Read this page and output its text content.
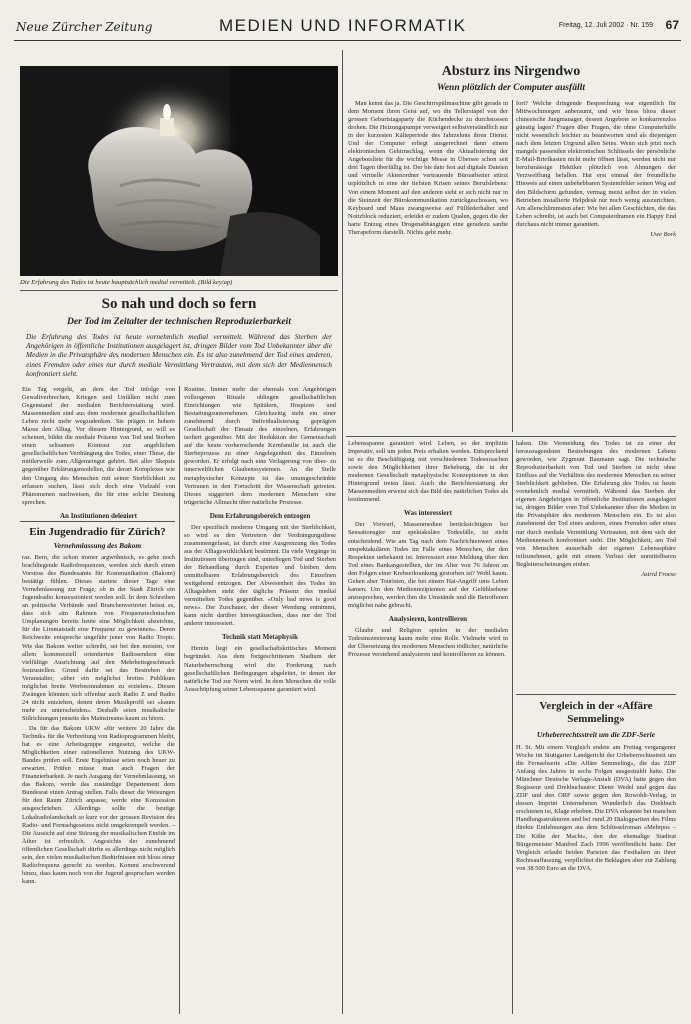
Neue Zürcher Zeitung	MEDIEN UND INFORMATIK	Freitag, 12. Juli 2002 · Nr. 159 67
Die Erfahrung des Todes ist heute hauptsächlich medial vermittelt. (Bild key/ap)
So nah und doch so fern
Der Tod im Zeitalter der technischen Reproduzierbarkeit
Die Erfahrung des Todes ist heute vornehmlich medial vermittelt. Während das Sterben der Angehörigen in öffentliche Institutionen ausgelagert ist, dringen Bilder vom Tod Unbekannter über die Medien in die Privatsphäre des modernen Menschen ein. Es ist also zunehmend der Tod eines anderen, eines Fremden oder eines nur durch mediale Vermittlung Vertrauten, mit dem sich der Mediennensch konfrontiert sieht.

Ein Tag vergeht, an dem der Tod infolge von Gewaltverbrechen, Kriegen und Unfällen nicht zum Gegenstand der medialen Berichterstattung wird. Massenmedien sind aus dem modernen gesellschaftlichen Leben nicht mehr wegzudenken. Sie prägen in hohem Masse den Alltag. Vor diesem Hintergrund, so will es scheinen, bildet die mediale Präsenz von Tod und Sterben einen seltsamen Kontrast zur angeblichen gesellschaftlichen Verdrängung des Todes, einer These, die mittlerweile zum Allgemeingut gehört. Bei aller Skepsis gegenüber Erklärungsmodellen, die derart Komplexes wie den Umgang des Menschen mit seiner Sterblichkeit zu erfassen suchen, lässt sich doch eine Vielzahl von Phänomenen nachweisen, die für eine solche Deutung sprechen.

An Institutionen delegiert

Ein Jugendradio für Zürich?
Vernehmlassung des Bakom

raz. Bern, die schon immer argwöhnisch, es gebe noch brachliegende Radiofrequenzen, werden sich durch einen Vorstoss des Bundesamts für Kommunikation (Bakom) bestätigt fühlen. Dieses startete dieser Tage eine Vernehmlassung zur Frage, ob in der Stadt Zürich ein Jugendradio konzessioniert werden soll. In dem Schreiben an politische Verbände und Branchenvertreter heisst es, dass sich «im Rahmen von Frequenztechnischen Umplanungen bereits heute eine Möglichkeit abzeichne, für die Limmatstadt eine Frequenz zu gewinnen». Deren Reichweite entspreche ungefähr jener von Radio Tropic. Wie das Bakom weiter schreibt, sei bei den meisten, vor allem kommerziell orientierten Radiosendern eine vielfältige Ausrichtung auf den Mehrheitsgeschmack festzustellen. Grund dafür sei das Bestreben der Veranstalter, «über ein möglichst breites Publikum möglichst breite Werbeeinnahmen zu erzielen». Diesen Zwängen könnten sich offenbar auch Radio Z und Radio 24 nicht entziehen, denen deren Musikprofil sei «kaum mehr zu unterscheiden». Deshalb seien musikalische Stilrichtungen jenseits des Mainstreams kaum zu hören.

Da für das Bakom UKW «für weitere 20 Jahre die Technik» für die Verbreitung von Radioprogrammen bleibt, hat es eine Arbeitsgruppe eingesetzt, welche die Möglichkeiten einer rationelleren Nutzung des UKW-Bandes prüfen soll. Erste Ergebnisse seien noch heuer zu erwarten. Prüfen müsse man auch Fragen der Finanzierbarkeit. Je nach Ausgang der Vernehmlassung, so das Bakom, werde das zuständige Departement dem Bundesrat einen Antrag stellen. Falls dieser die Weisungen für den Raum Zürich anpasse, werde eine Konzession ausgeschrieben. Allerdings sollte die heutige Lokalradiolandschaft so kurz vor der grossen Revision des Radio- und Fernsehgesetzes nicht umgekrempelt werden. – Die Aussicht auf eine Störung der musikalischen Einöde im Äther ist erfreulich. Angesichts der zunehmend öffentlichen Gesellschaft dürfte es allerdings nicht möglich sein, den vielen musikalischen Bedürfnissen mit bloss einer Radiofrequenz gerecht zu werden. Kommt erschwerend hinzu, dass kaum noch von der Jugend gesprochen werden kann.

Routine. Immer mehr der ehemals von Angehörigen vollzogenen Rituale obliegen gesellschaftlichen Einrichtungen wie Spitälern, Hospizen und Bestattungsunternehmen. Gleichzeitig steht ein einer zunehmend durch Individualisierung geprägten Gesellschaft der Einsatz des einzelnen, Erfahrungen isoliert gegenüber. Mit der Reduktion der Gemeinschaft auf die heute vorherrschende Kernfamilie ist auch die Sterbeprozess zu einer Angelegenheit des Einzelnen geworden. Er erfolgt nach eine Verlagerung von über- zu innerweltlichen Glaubenssystemen. An die Stelle metaphysischer Konzepte ist das unumgeschränkte Vertrauen in den Fortschritt der Wissenschaft getreten. Dieses suggeriert dem modernen Menschen eine trügerische Allmacht über natürliche Prozesse.

Dem Erfahrungsbereich entzogen

Der spezifisch moderne Umgang mit der Sterblichkeit, so wird es den Vertretern der Verdrängungsthese zusammengefasst, ist durch eine Ausgrenzung des Todes aus der Alltagswirklichkeit bestimmt. Da viele Vorgänge in Institutionen übertragen sind, unterliegen Tod und Sterben der Behandlung durch Experten und bleiben dem unmittelbaren Erfahrungsbereich des Einzelnen weitgehend entzogen. Der Abwesenheit des Todes im Alltagsleben steht der tägliche Präsenz des medial vermittelten Todes gegenüber. «Only bad news is good news». Der Zuschauer, der dieser Wendung entnimmt, kann nicht darüber hinwegtäuschen, dass nur der Tod anderer interessiert.

Technik statt Metaphysik

Herein liegt ein gesellschaftskritisches Moment begründet. Aus dem fortgeschrittenen Stadium der Naturbeherrschung wird die Forderung nach gesellschaftlichen Bedingungen abgeleitet, in denen der natürliche Tod zur Norm wird. In dem Menschen die volle Ausschöpfung seiner Lebensspanne garantiert wird.

Absturz ins Nirgendwo
Wenn plötzlich der Computer ausfällt

Man kennt das ja. Die Geschirrspülmaschine gibt gerade in dem Moment ihren Geist auf, wo die Tellerstapel von der grossen Geburtstagsparty die Küchendecke zu durchstossen drohen. Die Heizungspumpe verweigert selbstverständlich nur in der kurzesten Kälteperiode des Jahrzehnts ihren Dienst. Und der Computer erliegt ausgerechnet dann einem elektronischen Gehirnschlag, wenn die Aktualisierung der Angebotsliste für die wichtige Messe in Übersee schon seit drei Tagen überfällig ist. Der bis dato fest auf digitale Dateien und virtuelle Aktenordner vertrauende Büroarbeiter stürzt urplötzlich in eine der tiefsten Krisen seines Berufslebens: Von einem Moment auf den anderen sieht er sich nicht nur in die Steinzeit der Bürokommunikation zurückgeschossen, wo Keyboard und Maus zwangsweise auf Füllfederhalter und Notizblock reduziert, erleidet er zudem Qualen, gegen die der harte Entzug eines Drogenabhängigen eine geradezu sanfte Therapeform darstellt. Nichts geht mehr.

fort? Welche dringende Besprechung war eigentlich für Mittwochmorgen anberaumt, und wie hiess bloss dieser chinesische Jungmanager, dessen Angebote so konkurrenzlos günstig lagen? Fragen über Fragen, die ohne Computerhilfe nicht wesentlich leichter zu beantworten sind als diejenigen nach dem letzten Urgrund allen Seins. Wenn sich jetzt noch mangels passenden elektronischen Schlüssels der persönliche E-Mail-Briefkasten nicht mehr öffnen lässt, werden nicht nur berufsmässige Hektiker plötzlich von Ahnungen der Verzweiflung befallen. Hat erst einmal der freundliche Hinweis auf einen unbehebbaren Systemfehler seinen Weg auf den Bildschirm gefunden, vermag meist selbst der in vielen Betrieben installierte Helpdesk nur noch wenig auszurichten. Am allerschlimmsten aber: Wie bei allen Geschichten, die das Leben schreibt, ist auch bei Computerdramen ein Happy End durchaus nicht immer garantiert.

Uwe Bork

Lebensspanne garantiert wird. Leben, so der implizite Imperativ, soll um jeden Preis erhalten werden. Entsprechend ist es die Beschäftigung mit verschiedenen Todesursachen sowie den Möglichkeiten ihrer Behebung, die in der modernen Gesellschaft metaphysische Konzeptionen in den Hintergrund treten lässt. Auch die Berichterstattung der Massenmedien erweist sich das Bild des natürlichen Todes als bestimmend.

Was interessiert

Der Vorwurf, Massenmedien berücksichtigten bei Sensationsgier nur spektakuläre Todesfälle, ist nicht entscheidend. Wie am Tag nach dem Nachrichtenwert eines unspektakulären Todes im Falle eines Menschen, der den Respekten unbekannt ist. Interessiert eine Meldung über den Tod eines Bankangestellten, der im Alter von 76 Jahren an den Folgen einer Krebserkrankung gestorben ist? Wohl kaum. Gehen aber Touristen, die bei einem Hai-Angriff ums Leben kamen. Um den Medienrezipienten auf der Gefühlsebene anzusprechen, werden ihm die Umstände und die Betroffenen möglichst nahe gebracht.

Analysieren, kontrollieren

Glaube und Religion spielen in der medialen Todesinszenierung kaum mehr eine Rolle. Vielmehr wird in der Übersetzung des modernen Menschen tödlicher, natürliche Prozesse verstehend analysieren und kontrollieren zu können.

haben. Die Vermeidung des Todes ist zu einer der herausragendsten Bestrebungen des modernen Lebens geworden, wie Zygmunt Baumann sagt. Die technische Reproduzierbarkeit von Tod und Sterben ist nicht ohne Einfluss auf die Verhältnis des modernen Menschen zu seiner Sterblichkeit geblieben. Die Erfahrung des Todes ist heute vornehmlich medial vermittelt. Während das Sterben der eigenen Angehörigen in öffentliche Institutionen ausgelagert ist, dringen Bilder vom Tod Unbekannter über die Medien in die Privatsphäre des modernen Menschen ein. Es ist also zunehmend der Tod eines anderen, eines Fremden oder eines nur durch mediale Vermittlung Vertrauten, mit dem sich der Mediennensch konfrontiert sieht. Die Möglichkeit, am Tod von Menschen ausserhalb der eigenen Lebenssphäre teilzunehmen, geht mit einem Verlust der unmittelbaren Begleiterscheinungen einher.

Astrid Froese

Vergleich in der «Affäre Semmeling»
Urheberrechtsstreit um die ZDF-Serie

H. St. Mit einem Vergleich endete am Freitag vergangener Woche im Stuttgarter Landgericht der Urheberrechtsstreit um die Fernsehserie «Die Affäre Semmeling», die das ZDF Anfang des Jahres in sechs Folgen ausgestrahlt hatte. Die Münchner Deutsche Verlags-Anstalt (DVA) hatte gegen den Regisseur und Drehbuchautor Dieter Wedel und gegen das ZDF und den ORF sowie gegen den Rowohlt-Verlag, in dessen Imprint Unternehmen Wunderlich das Drehbuch erschienen ist, Klage erhoben. Die DVA erkannte bei manchen Handlungsstrukturen und bei rund 20 Dialogpartien des Films direkte Entlehnungen aus dem Schlüsselroman «Mehrpos – Die Kälte der Macht», den der ehemalige Stadtrat Bürgermeister Manfred Zach 1996 veröffentlicht hatte. Der Vergleich erlaubt beiden Parteien das Festhalten an ihrer Rechtsauffassung, verpflichtet die Beklagten aber zur Zahlung von 38 500 Euro an die DVA.
